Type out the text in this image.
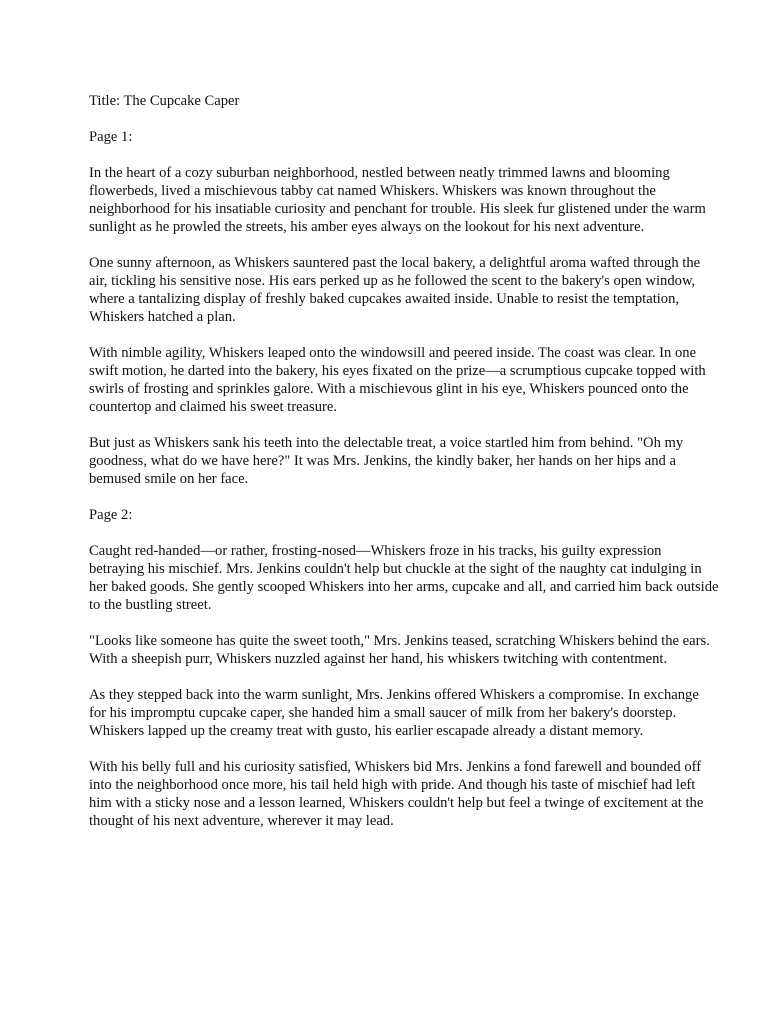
Title: The Cupcake Caper

Page 1:

In the heart of a cozy suburban neighborhood, nestled between neatly trimmed lawns and blooming flowerbeds, lived a mischievous tabby cat named Whiskers. Whiskers was known throughout the neighborhood for his insatiable curiosity and penchant for trouble. His sleek fur glistened under the warm sunlight as he prowled the streets, his amber eyes always on the lookout for his next adventure.

One sunny afternoon, as Whiskers sauntered past the local bakery, a delightful aroma wafted through the air, tickling his sensitive nose. His ears perked up as he followed the scent to the bakery's open window, where a tantalizing display of freshly baked cupcakes awaited inside. Unable to resist the temptation, Whiskers hatched a plan.

With nimble agility, Whiskers leaped onto the windowsill and peered inside. The coast was clear. In one swift motion, he darted into the bakery, his eyes fixated on the prize—a scrumptious cupcake topped with swirls of frosting and sprinkles galore. With a mischievous glint in his eye, Whiskers pounced onto the countertop and claimed his sweet treasure.

But just as Whiskers sank his teeth into the delectable treat, a voice startled him from behind. "Oh my goodness, what do we have here?" It was Mrs. Jenkins, the kindly baker, her hands on her hips and a bemused smile on her face.

Page 2:

Caught red-handed—or rather, frosting-nosed—Whiskers froze in his tracks, his guilty expression betraying his mischief. Mrs. Jenkins couldn't help but chuckle at the sight of the naughty cat indulging in her baked goods. She gently scooped Whiskers into her arms, cupcake and all, and carried him back outside to the bustling street.

"Looks like someone has quite the sweet tooth," Mrs. Jenkins teased, scratching Whiskers behind the ears. With a sheepish purr, Whiskers nuzzled against her hand, his whiskers twitching with contentment.

As they stepped back into the warm sunlight, Mrs. Jenkins offered Whiskers a compromise. In exchange for his impromptu cupcake caper, she handed him a small saucer of milk from her bakery's doorstep. Whiskers lapped up the creamy treat with gusto, his earlier escapade already a distant memory.

With his belly full and his curiosity satisfied, Whiskers bid Mrs. Jenkins a fond farewell and bounded off into the neighborhood once more, his tail held high with pride. And though his taste of mischief had left him with a sticky nose and a lesson learned, Whiskers couldn't help but feel a twinge of excitement at the thought of his next adventure, wherever it may lead.
